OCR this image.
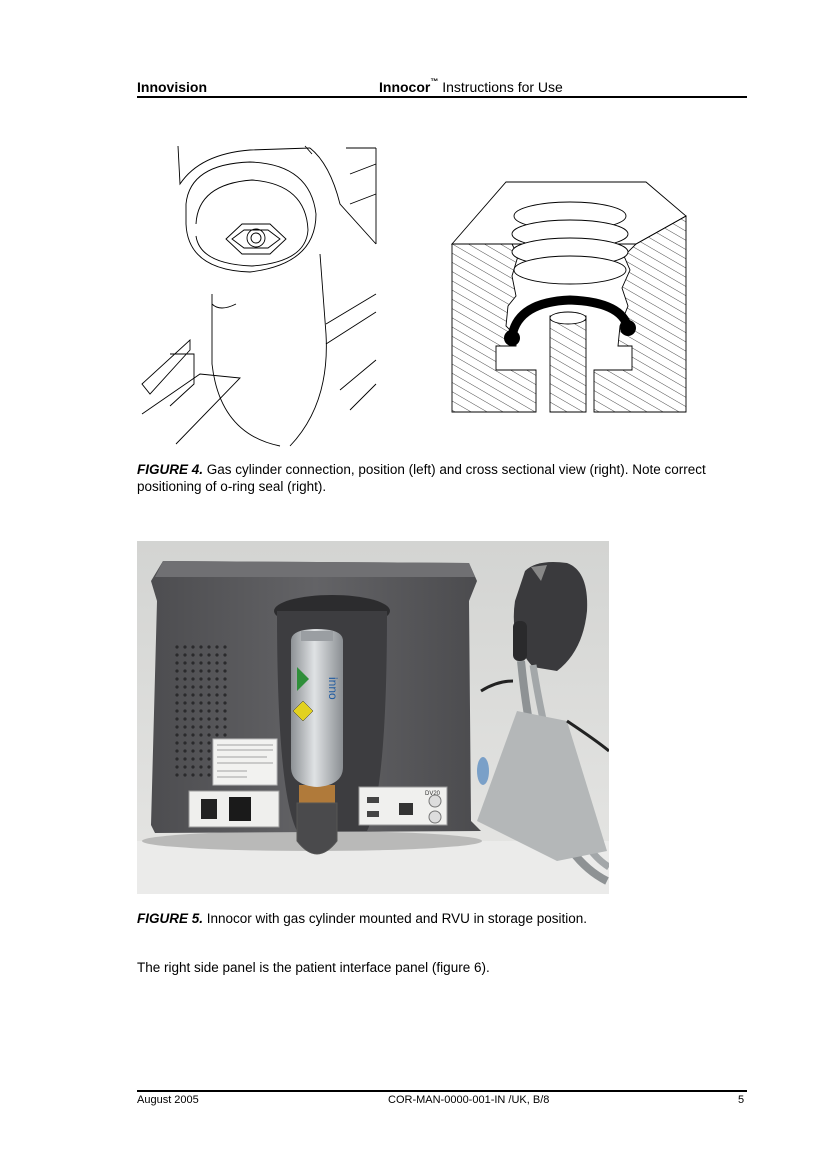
Innovision	Innocor™ Instructions for Use
FIGURE 4. Gas cylinder connection, position (left) and cross sectional view (right). Note correct positioning of o-ring seal (right).
DV20
inno
FIGURE 5. Innocor with gas cylinder mounted and RVU in storage position.
The right side panel is the patient interface panel (figure 6).
August 2005	COR-MAN-0000-001-IN /UK, B/8	5
